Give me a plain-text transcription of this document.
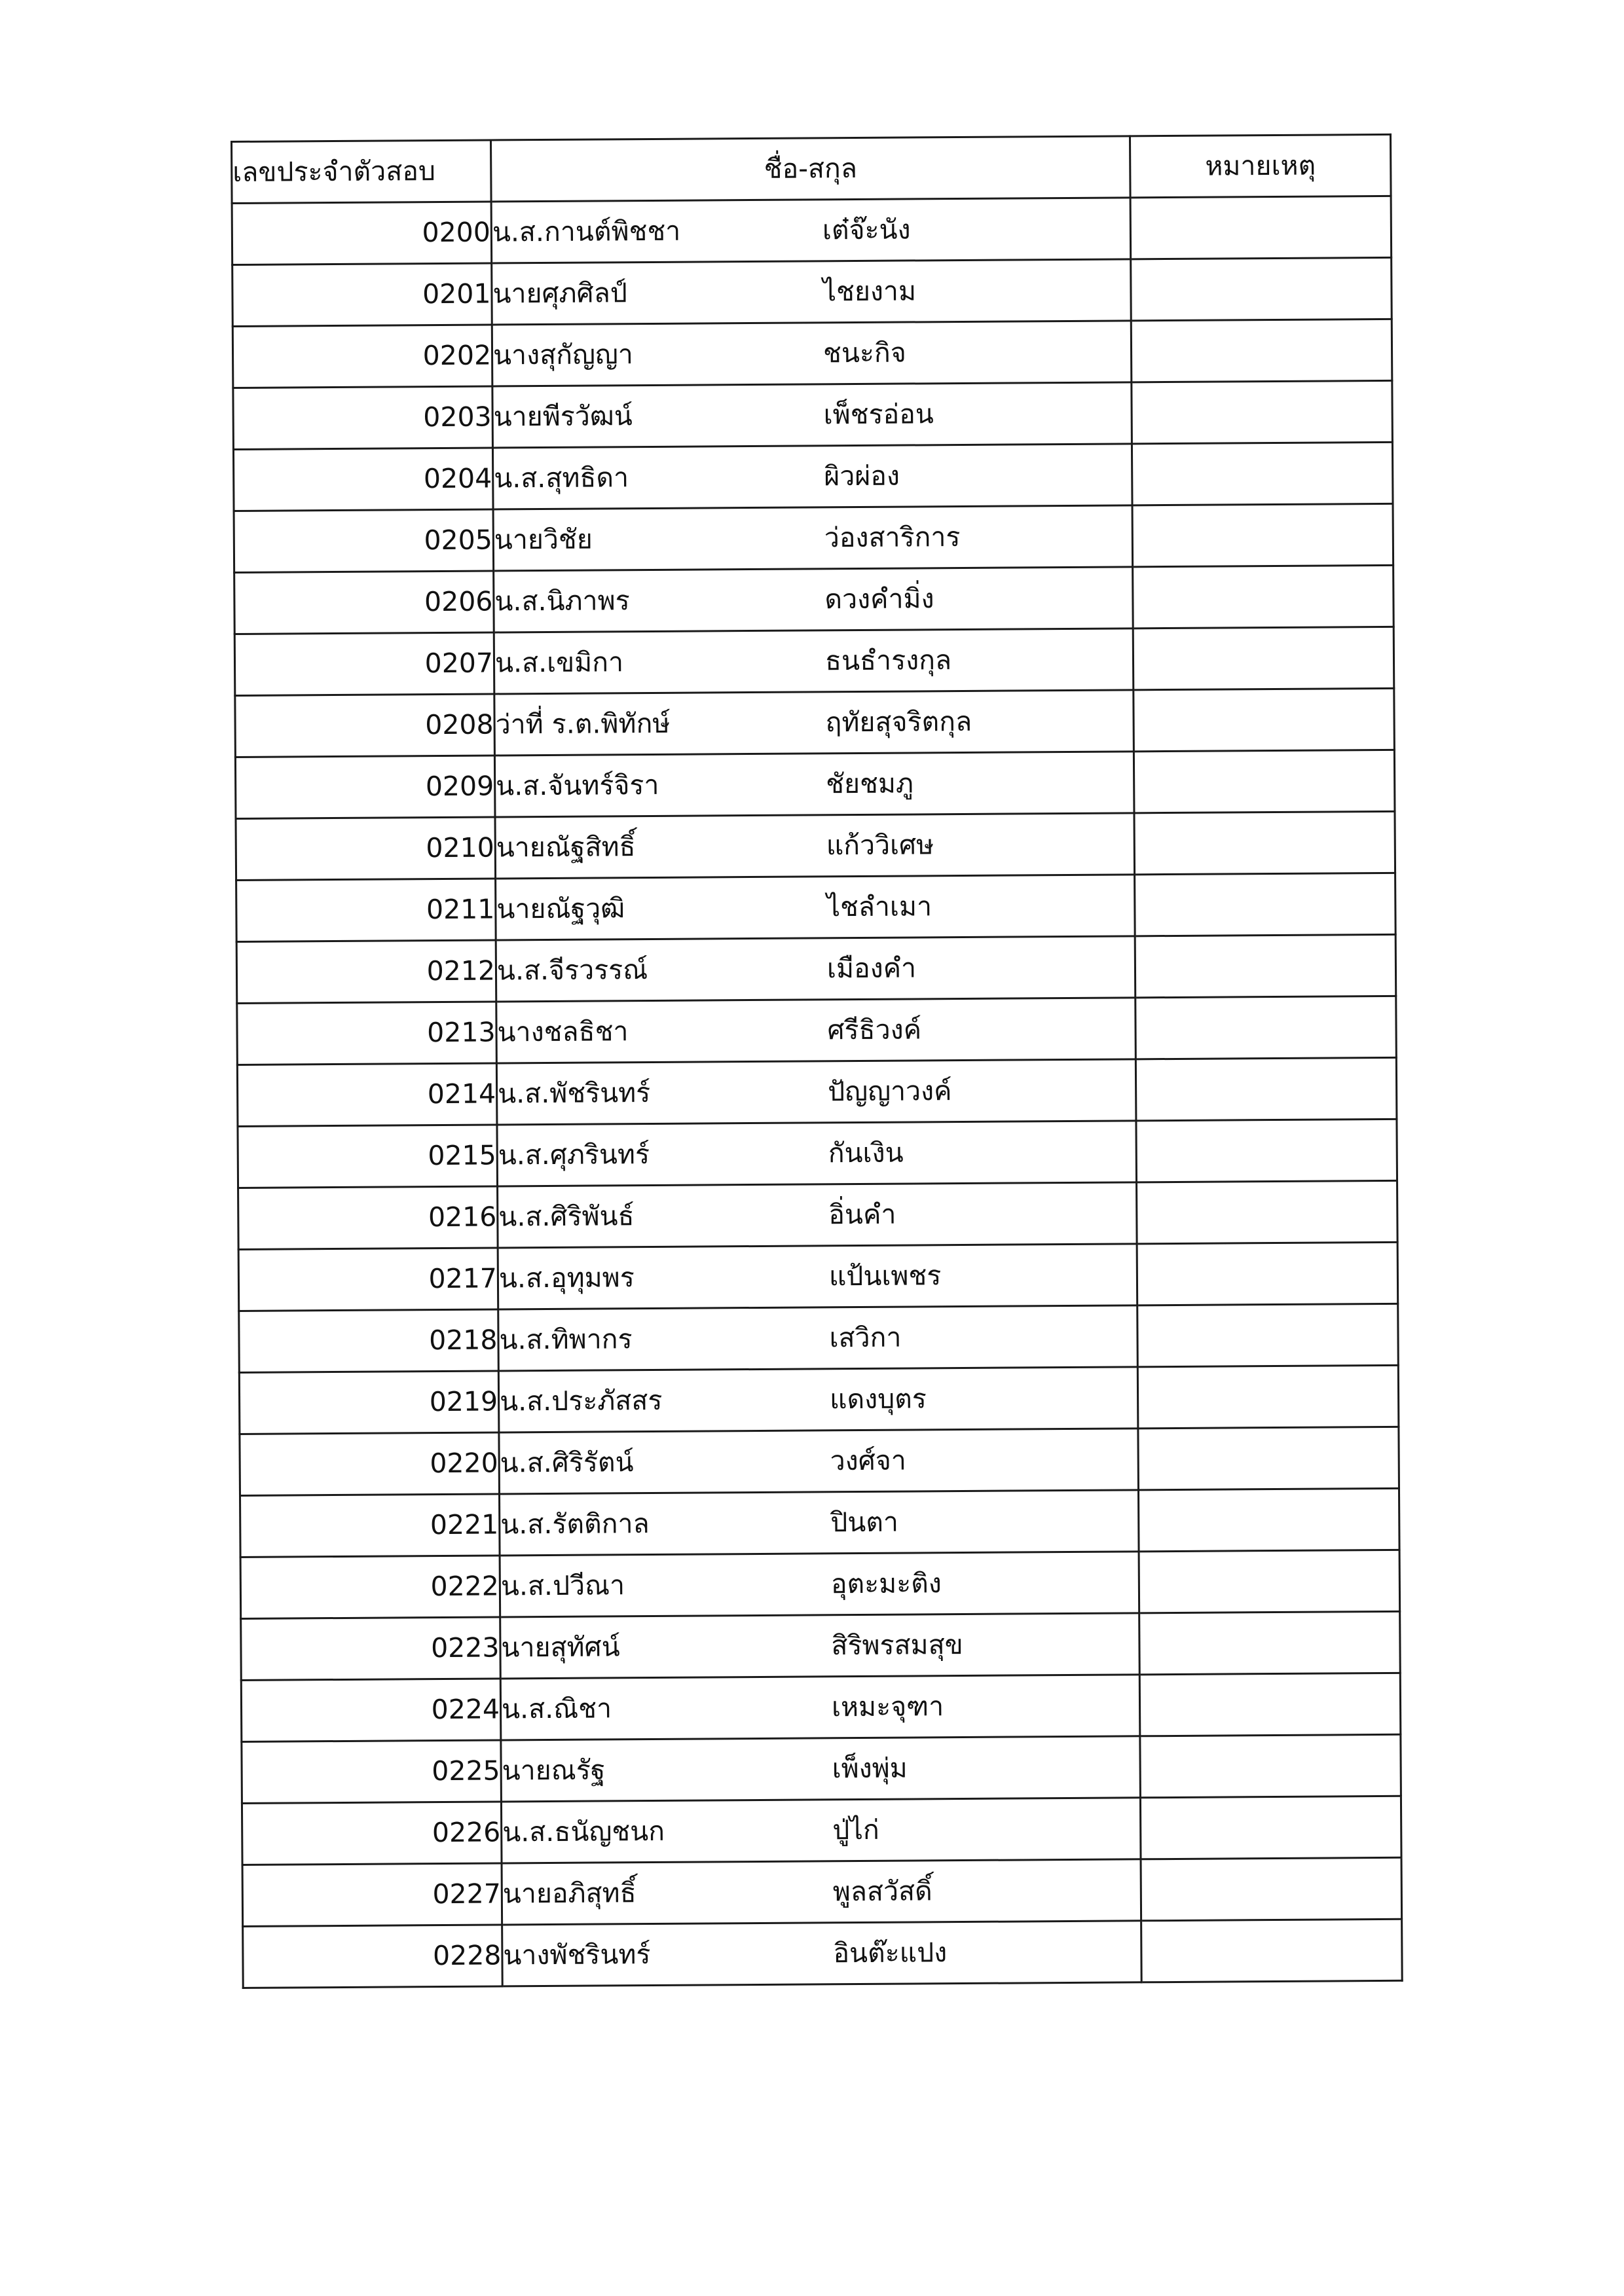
เลขประจำตัวสอบ	ชื่อ-สกุล	หมายเหตุ
0200	น.ส.กานต์พิชชา เต๋จ๊ะนัง	
0201	นายศุภศิลป์ ไชยงาม	
0202	นางสุกัญญา ชนะกิจ	
0203	นายพีรวัฒน์ เพ็ชรอ่อน	
0204	น.ส.สุทธิดา ผิวผ่อง	
0205	นายวิชัย ว่องสาริการ	
0206	น.ส.นิภาพร ดวงคำมิ่ง	
0207	น.ส.เขมิกา ธนธำรงกุล	
0208	ว่าที่ ร.ต.พิทักษ์ ฤทัยสุจริตกุล	
0209	น.ส.จันทร์จิรา ชัยชมภู	
0210	นายณัฐสิทธิ์ แก้ววิเศษ	
0211	นายณัฐวุฒิ ไชลำเมา	
0212	น.ส.จีรวรรณ์ เมืองคำ	
0213	นางชลธิชา ศรีธิวงค์	
0214	น.ส.พัชรินทร์ ปัญญาวงค์	
0215	น.ส.ศุภรินทร์ กันเงิน	
0216	น.ส.ศิริพันธ์ อิ่นคำ	
0217	น.ส.อุทุมพร แป้นเพชร	
0218	น.ส.ทิพากร เสวิกา	
0219	น.ส.ประภัสสร แดงบุตร	
0220	น.ส.ศิริรัตน์ วงศ์จา	
0221	น.ส.รัตติกาล ปินตา	
0222	น.ส.ปวีณา อุตะมะติง	
0223	นายสุทัศน์ สิริพรสมสุข	
0224	น.ส.ณิชา เหมะจุฑา	
0225	นายณรัฐ เพ็งพุ่ม	
0226	น.ส.ธนัญชนก ปู่ไก่	
0227	นายอภิสุทธิ์ พูลสวัสดิ์	
0228	นางพัชรินทร์ อินต๊ะแปง	
